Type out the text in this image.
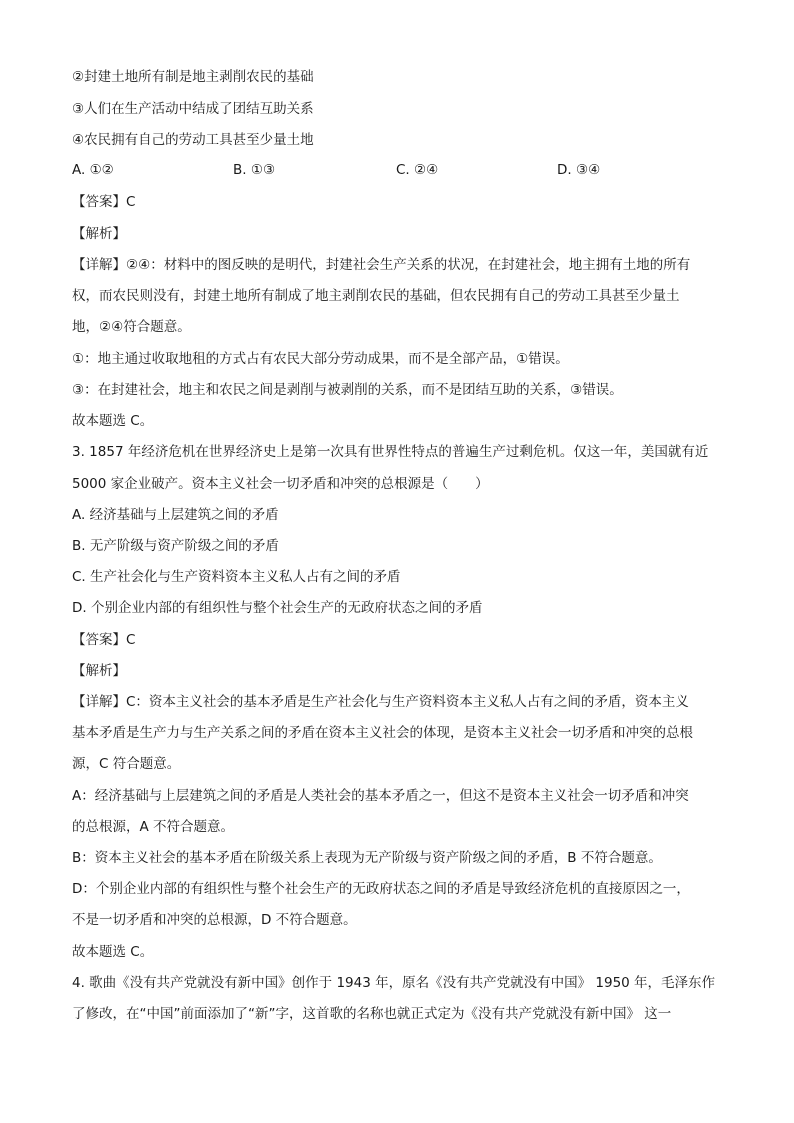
②封建土地所有制是地主剥削农民的基础
③人们在生产活动中结成了团结互助关系
④农民拥有自己的劳动工具甚至少量土地
A. ①②	B. ①③	C. ②④	D. ③④
【答案】C
【解析】
【详解】②④：材料中的图反映的是明代，封建社会生产关系的状况，在封建社会，地主拥有土地的所有
权，而农民则没有，封建土地所有制成了地主剥削农民的基础，但农民拥有自己的劳动工具甚至少量土
地，②④符合题意。
①：地主通过收取地租的方式占有农民大部分劳动成果，而不是全部产品，①错误。
③：在封建社会，地主和农民之间是剥削与被剥削的关系，而不是团结互助的关系，③错误。
故本题选 C。
3. 1857 年经济危机在世界经济史上是第一次具有世界性特点的普遍生产过剩危机。仅这一年，美国就有近
5000 家企业破产。资本主义社会一切矛盾和冲突的总根源是（　　）
A. 经济基础与上层建筑之间的矛盾
B. 无产阶级与资产阶级之间的矛盾
C. 生产社会化与生产资料资本主义私人占有之间的矛盾
D. 个别企业内部的有组织性与整个社会生产的无政府状态之间的矛盾
【答案】C
【解析】
【详解】C：资本主义社会的基本矛盾是生产社会化与生产资料资本主义私人占有之间的矛盾，资本主义
基本矛盾是生产力与生产关系之间的矛盾在资本主义社会的体现，是资本主义社会一切矛盾和冲突的总根
源，C 符合题意。
A：经济基础与上层建筑之间的矛盾是人类社会的基本矛盾之一，但这不是资本主义社会一切矛盾和冲突
的总根源，A 不符合题意。
B：资本主义社会的基本矛盾在阶级关系上表现为无产阶级与资产阶级之间的矛盾，B 不符合题意。
D：个别企业内部的有组织性与整个社会生产的无政府状态之间的矛盾是导致经济危机的直接原因之一，
不是一切矛盾和冲突的总根源，D 不符合题意。
故本题选 C。
4. 歌曲《没有共产党就没有新中国》创作于 1943 年，原名《没有共产党就没有中国》 1950 年，毛泽东作
了修改，在“中国”前面添加了“新”字，这首歌的名称也就正式定为《没有共产党就没有新中国》 这一
